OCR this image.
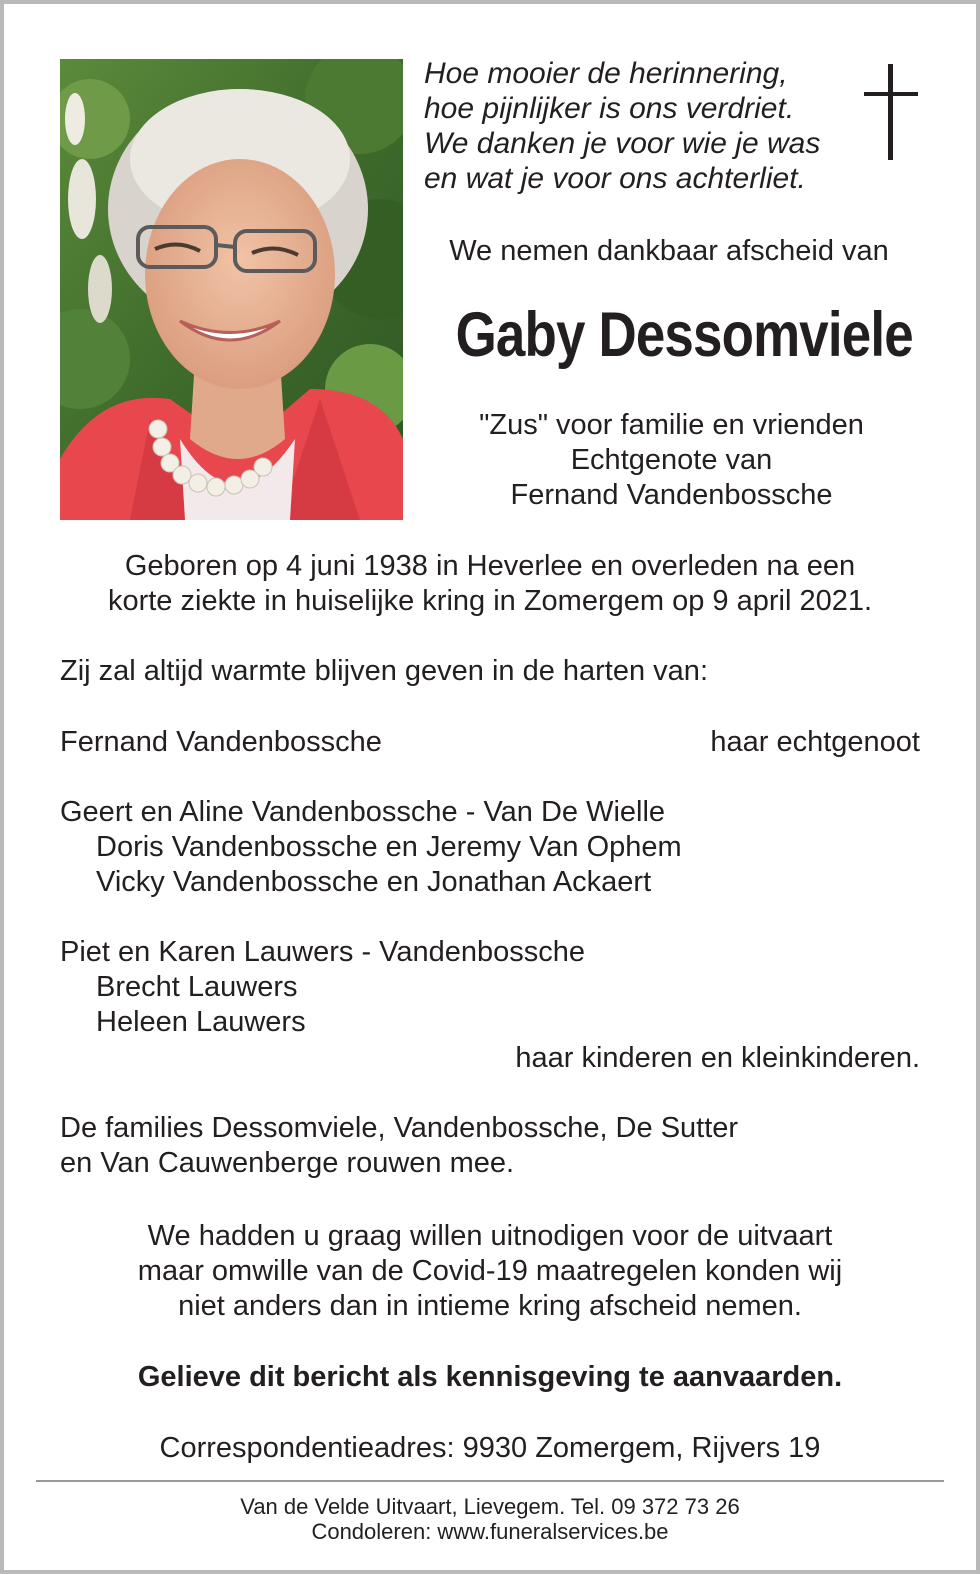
Hoe mooier de herinnering,
hoe pijnlijker is ons verdriet.
We danken je voor wie je was
en wat je voor ons achterliet.
We nemen dankbaar afscheid van
Gaby Dessomviele
"Zus" voor familie en vrienden
Echtgenote van
Fernand Vandenbossche
Geboren op 4 juni 1938 in Heverlee en overleden na een
korte ziekte in huiselijke kring in Zomergem op 9 april 2021.
Zij zal altijd warmte blijven geven in de harten van:
Fernand Vandenbossche	haar echtgenoot
Geert en Aline Vandenbossche - Van De Wielle
Doris Vandenbossche en Jeremy Van Ophem
Vicky Vandenbossche en Jonathan Ackaert
Piet en Karen Lauwers - Vandenbossche
Brecht Lauwers
Heleen Lauwers
haar kinderen en kleinkinderen.
De families Dessomviele, Vandenbossche, De Sutter
en Van Cauwenberge rouwen mee.
We hadden u graag willen uitnodigen voor de uitvaart
maar omwille van de Covid-19 maatregelen konden wij
niet anders dan in intieme kring afscheid nemen.
Gelieve dit bericht als kennisgeving te aanvaarden.
Correspondentieadres: 9930 Zomergem, Rijvers 19
Van de Velde Uitvaart, Lievegem. Tel. 09 372 73 26
Condoleren: www.funeralservices.be
